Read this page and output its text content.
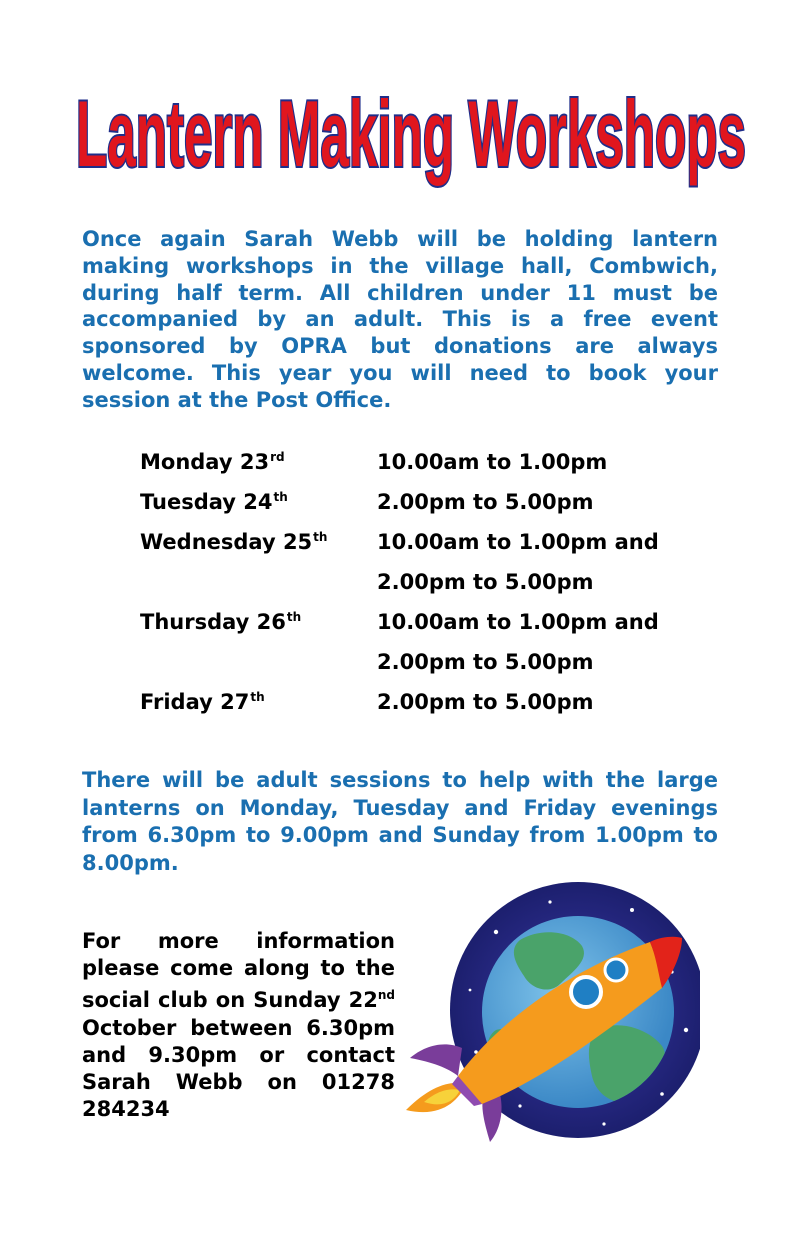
Lantern Making Workshops

Once again Sarah Webb will be holding lantern making workshops in the village hall, Combwich, during half term. All children under 11 must be accompanied by an adult. This is a free event sponsored by OPRA but donations are always welcome. This year you will need to book your session at the Post Office.

Monday 23rd	10.00am to 1.00pm
Tuesday 24th	2.00pm to 5.00pm
Wednesday 25th	10.00am to 1.00pm and
2.00pm to 5.00pm
Thursday 26th	10.00am to 1.00pm and
2.00pm to 5.00pm
Friday 27th	2.00pm to 5.00pm

There will be adult sessions to help with the large lanterns on Monday, Tuesday and Friday evenings from 6.30pm to 9.00pm and Sunday from 1.00pm to 8.00pm.

For more information please come along to the social club on Sunday 22nd October between 6.30pm and 9.30pm or contact Sarah Webb on 01278 284234
